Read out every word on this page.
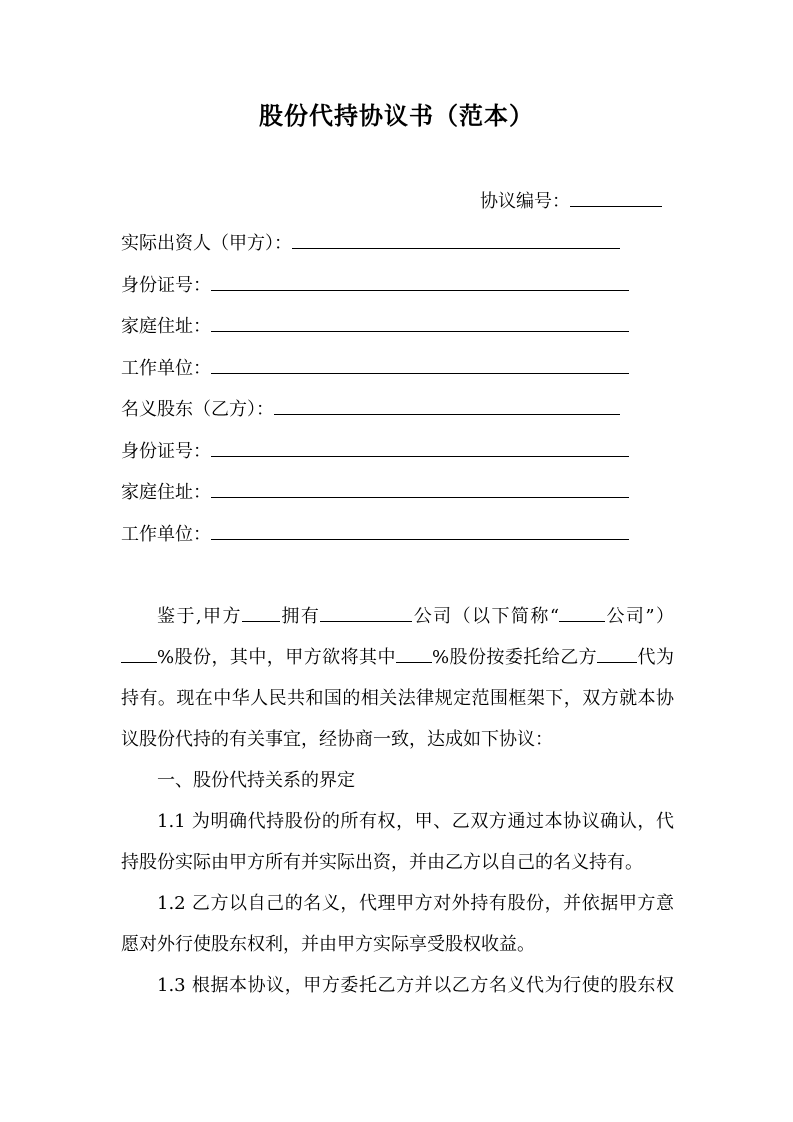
股份代持协议书（范本）
协议编号：
实际出资人（甲方）：
身份证号：
家庭住址：
工作单位：
名义股东（乙方）：
身份证号：
家庭住址：
工作单位：

鉴于,甲方 拥有	公司（以下简称“	公司”）%股份，其中，甲方欲将其中 %股份按委托给乙方 代为持有。现在中华人民共和国的相关法律规定范围框架下，双方就本协议股份代持的有关事宜，经协商一致，达成如下协议：

一、股份代持关系的界定

1.1 为明确代持股份的所有权，甲、乙双方通过本协议确认，代持股份实际由甲方所有并实际出资，并由乙方以自己的名义持有。

1.2 乙方以自己的名义，代理甲方对外持有股份，并依据甲方意愿对外行使股东权利，并由甲方实际享受股权收益。

1.3 根据本协议，甲方委托乙方并以乙方名义代为行使的股东权
